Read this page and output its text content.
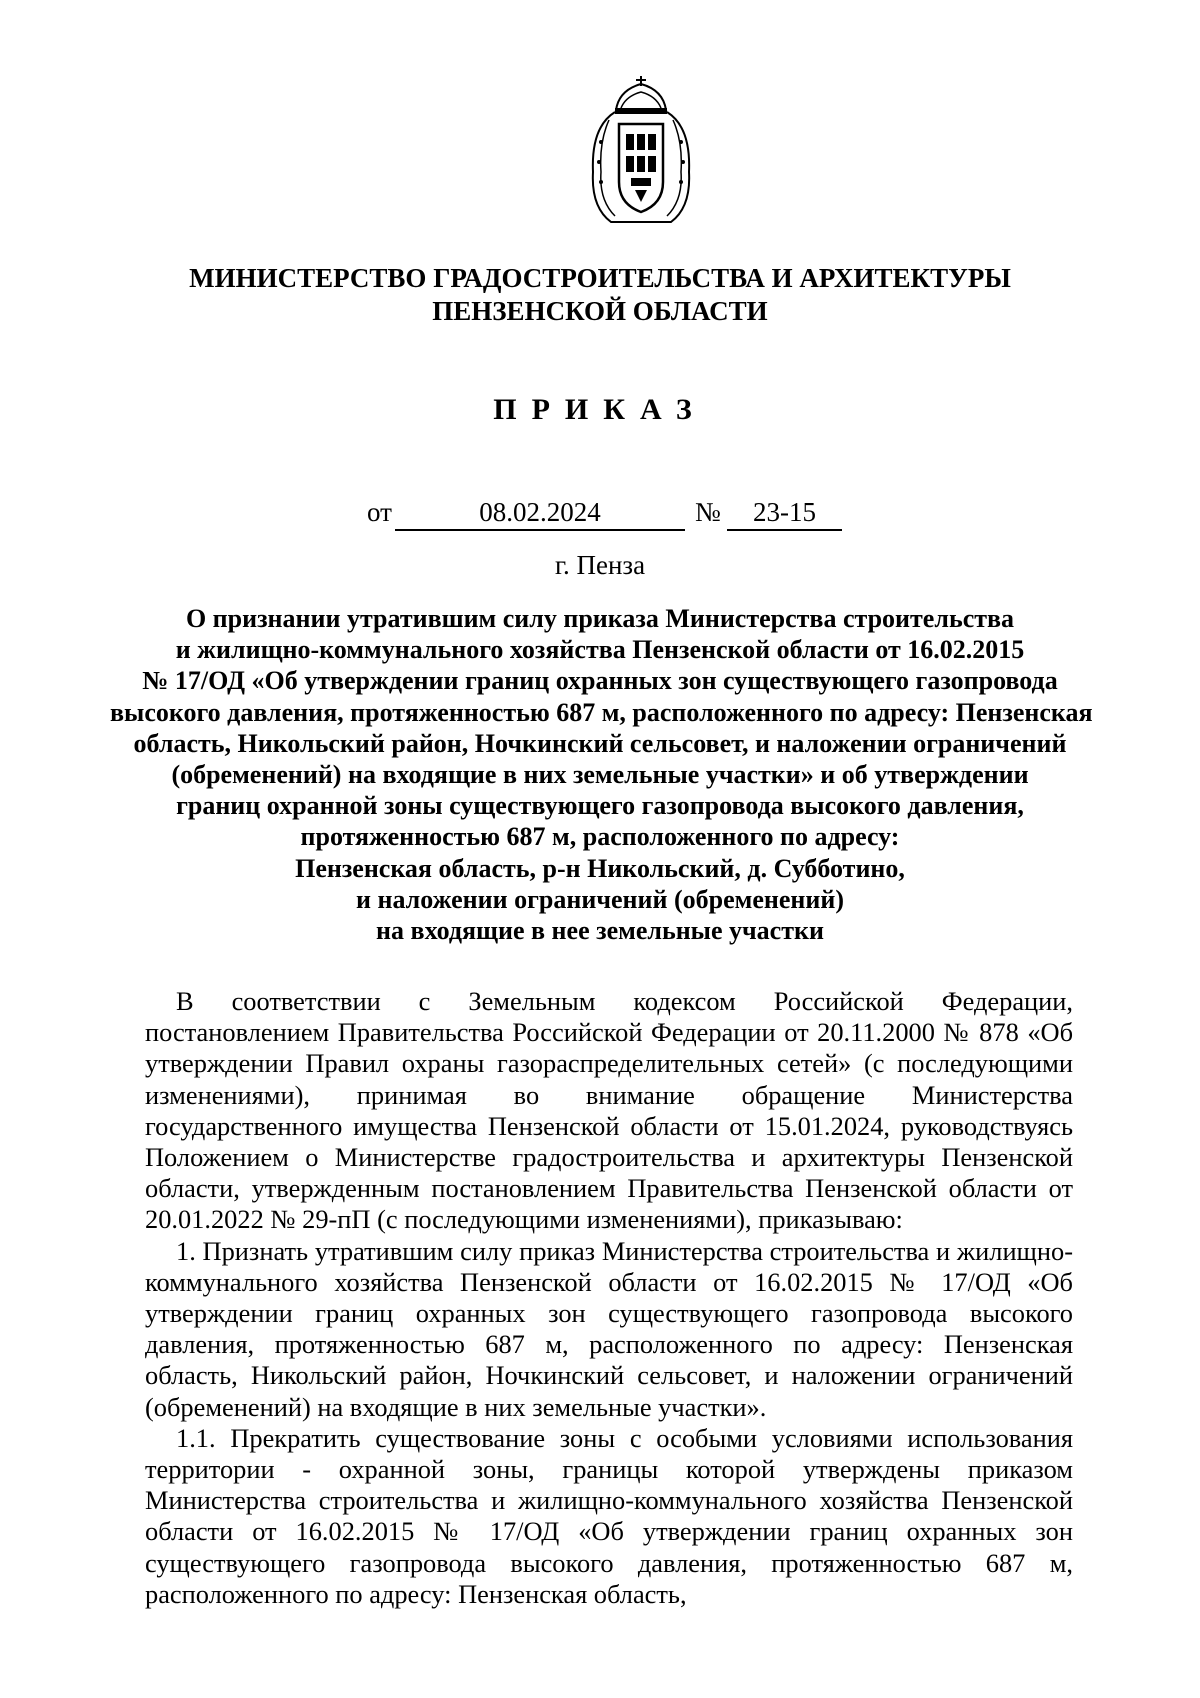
МИНИСТЕРСТВО ГРАДОСТРОИТЕЛЬСТВА И АРХИТЕКТУРЫ
ПЕНЗЕНСКОЙ ОБЛАСТИ
ПРИКАЗ
от	08.02.2024	№	23-15

г. Пенза

О признании утратившим силу приказа Министерства строительства
и жилищно-коммунального хозяйства Пензенской области от 16.02.2015
№ 17/ОД «Об утверждении границ охранных зон существующего газопровода
высокого давления, протяженностью 687 м, расположенного по адресу: Пензенская
область, Никольский район, Ночкинский сельсовет, и наложении ограничений
(обременений) на входящие в них земельные участки» и об утверждении
границ охранной зоны существующего газопровода высокого давления,
протяженностью 687 м, расположенного по адресу:
Пензенская область, р-н Никольский, д. Субботино,
и наложении ограничений (обременений)
на входящие в нее земельные участки

В соответствии с Земельным кодексом Российской Федерации, постановлением Правительства Российской Федерации от 20.11.2000 № 878 «Об утверждении Правил охраны газораспределительных сетей» (с последующими изменениями), принимая во внимание обращение Министерства государственного имущества Пензенской области от 15.01.2024, руководствуясь Положением о Министерстве градостроительства и архитектуры Пензенской области, утвержденным постановлением Правительства Пензенской области от 20.01.2022 № 29-пП (с последующими изменениями), приказываю:

1. Признать утратившим силу приказ Министерства строительства и жилищно-коммунального хозяйства Пензенской области от 16.02.2015 № 17/ОД «Об утверждении границ охранных зон существующего газопровода высокого давления, протяженностью 687 м, расположенного по адресу: Пензенская область, Никольский район, Ночкинский сельсовет, и наложении ограничений (обременений) на входящие в них земельные участки».

1.1. Прекратить существование зоны с особыми условиями использования территории - охранной зоны, границы которой утверждены приказом Министерства строительства и жилищно-коммунального хозяйства Пензенской области от 16.02.2015 № 17/ОД «Об утверждении границ охранных зон существующего газопровода высокого давления, протяженностью 687 м, расположенного по адресу: Пензенская область,
